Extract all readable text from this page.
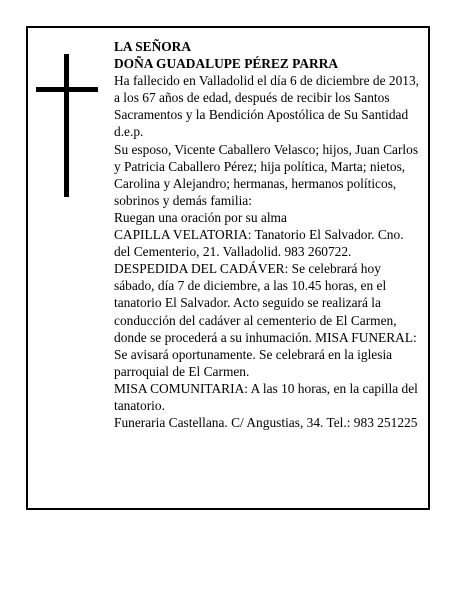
LA SEÑORA

DOÑA GUADALUPE PÉREZ PARRA

Ha fallecido en Valladolid el día 6 de diciembre de 2013, a los 67 años de edad, después de recibir los Santos Sacramentos y la Bendición Apostólica de Su Santidad

d.e.p.

Su esposo, Vicente Caballero Velasco; hijos, Juan Carlos y Patricia Caballero Pérez; hija política, Marta; nietos, Carolina y Alejandro; hermanas, hermanos políticos, sobrinos y demás familia:

Ruegan una oración por su alma

CAPILLA VELATORIA: Tanatorio El Salvador. Cno. del Cementerio, 21. Valladolid. 983 260722.

DESPEDIDA DEL CADÁVER: Se celebrará hoy sábado, día 7 de diciembre, a las 10.45 horas, en el tanatorio El Salvador. Acto seguido se realizará la conducción del cadáver al cementerio de El Carmen, donde se procederá a su inhumación. MISA FUNERAL: Se avisará oportunamente. Se celebrará en la iglesia parroquial de El Carmen.

MISA COMUNITARIA: A las 10 horas, en la capilla del tanatorio.

Funeraria Castellana. C/ Angustias, 34. Tel.: 983 251225
